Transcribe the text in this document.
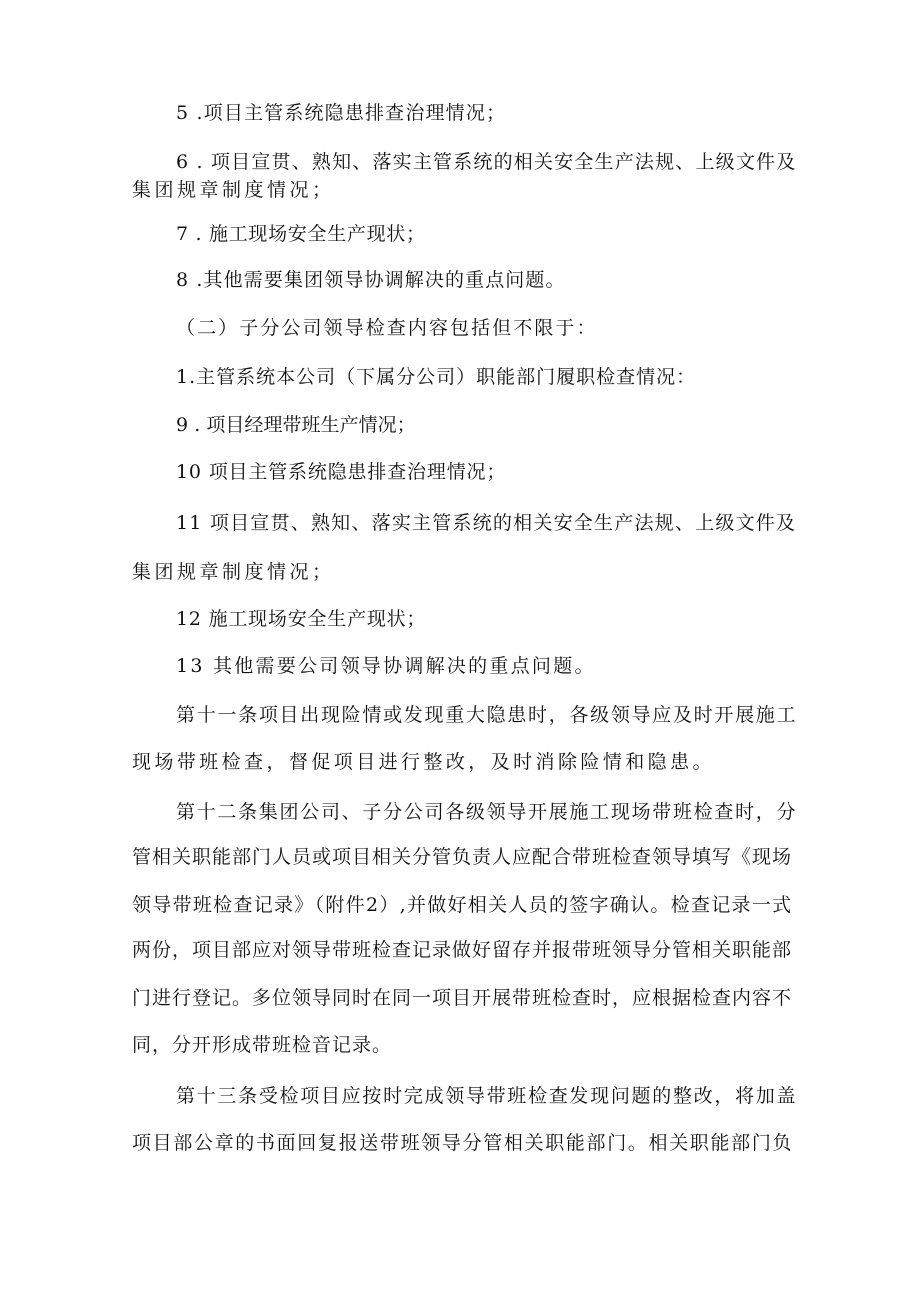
5 .项目主管系统隐患排查治理情况；
6 . 项目宣贯、熟知、落实主管系统的相关安全生产法规、上级文件及
集团规章制度情况；
7 . 施工现场安全生产现状；
8 .其他需要集团领导协调解决的重点问题。
（二）子分公司领导检查内容包括但不限于：
1.主管系统本公司（下属分公司）职能部门履职检查情况：
9 . 项目经理带班生产情况；
10 项目主管系统隐患排查治理情况；
11 项目宣贯、熟知、落实主管系统的相关安全生产法规、上级文件及
集团规章制度情况；
12 施工现场安全生产现状；
13 其他需要公司领导协调解决的重点问题。
第十一条项目出现险情或发现重大隐患时，各级领导应及时开展施工
现场带班检查，督促项目进行整改，及时消除险情和隐患。
第十二条集团公司、子分公司各级领导开展施工现场带班检查时，分
管相关职能部门人员或项目相关分管负责人应配合带班检查领导填写《现场
领导带班检查记录》（附件2）,并做好相关人员的签字确认。检查记录一式
两份，项目部应对领导带班检查记录做好留存并报带班领导分管相关职能部
门进行登记。多位领导同时在同一项目开展带班检查时，应根据检查内容不
同，分开形成带班检音记录。
第十三条受检项目应按时完成领导带班检查发现问题的整改，将加盖
项目部公章的书面回复报送带班领导分管相关职能部门。相关职能部门负
